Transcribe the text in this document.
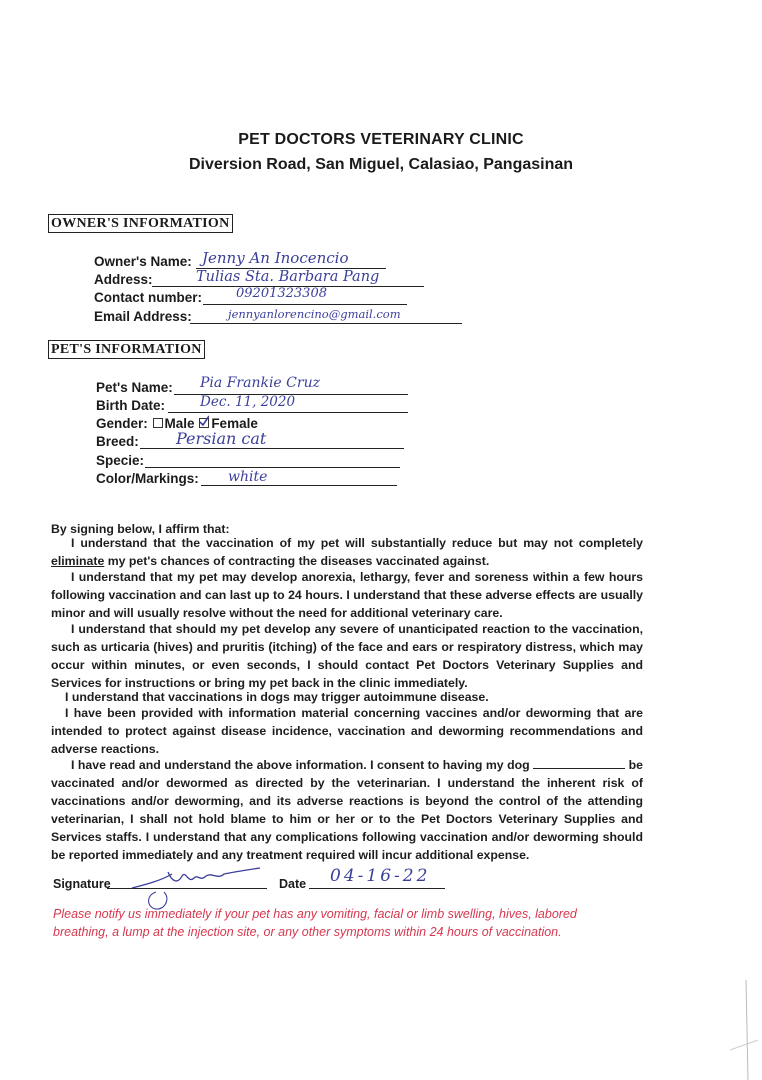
PET DOCTORS VETERINARY CLINIC
Diversion Road, San Miguel, Calasiao, Pangasinan
OWNER'S INFORMATION
Owner's Name: Jenny An Inocencio
Address:	Tulias Sta. Barbara Pang
Contact number:	09201323308
Email Address:	jennyanlorencino@gmail.com
PET'S INFORMATION
Pet's Name: Pia Frankie Cruz
Birth Date:	Dec. 11, 2020
Gender: Male Female
Breed: Persian cat
Specie:
Color/Markings: white
By signing below, I affirm that:
I understand that the vaccination of my pet will substantially reduce but may not completely eliminate my pet's chances of contracting the diseases vaccinated against.
I understand that my pet may develop anorexia, lethargy, fever and soreness within a few hours following vaccination and can last up to 24 hours. I understand that these adverse effects are usually minor and will usually resolve without the need for additional veterinary care.
I understand that should my pet develop any severe of unanticipated reaction to the vaccination, such as urticaria (hives) and pruritis (itching) of the face and ears or respiratory distress, which may occur within minutes, or even seconds, I should contact Pet Doctors Veterinary Supplies and Services for instructions or bring my pet back in the clinic immediately.
I understand that vaccinations in dogs may trigger autoimmune disease.
I have been provided with information material concerning vaccines and/or deworming that are intended to protect against disease incidence, vaccination and deworming recommendations and adverse reactions.
I have read and understand the above information. I consent to having my dog	be vaccinated and/or dewormed as directed by the veterinarian. I understand the inherent risk of vaccinations and/or deworming, and its adverse reactions is beyond the control of the attending veterinarian, I shall not hold blame to him or her or to the Pet Doctors Veterinary Supplies and Services staffs. I understand that any complications following vaccination and/or deworming should be reported immediately and any treatment required will incur additional expense.
Signature	Date 04-16-22
Please notify us immediately if your pet has any vomiting, facial or limb swelling, hives, labored breathing, a lump at the injection site, or any other symptoms within 24 hours of vaccination.
